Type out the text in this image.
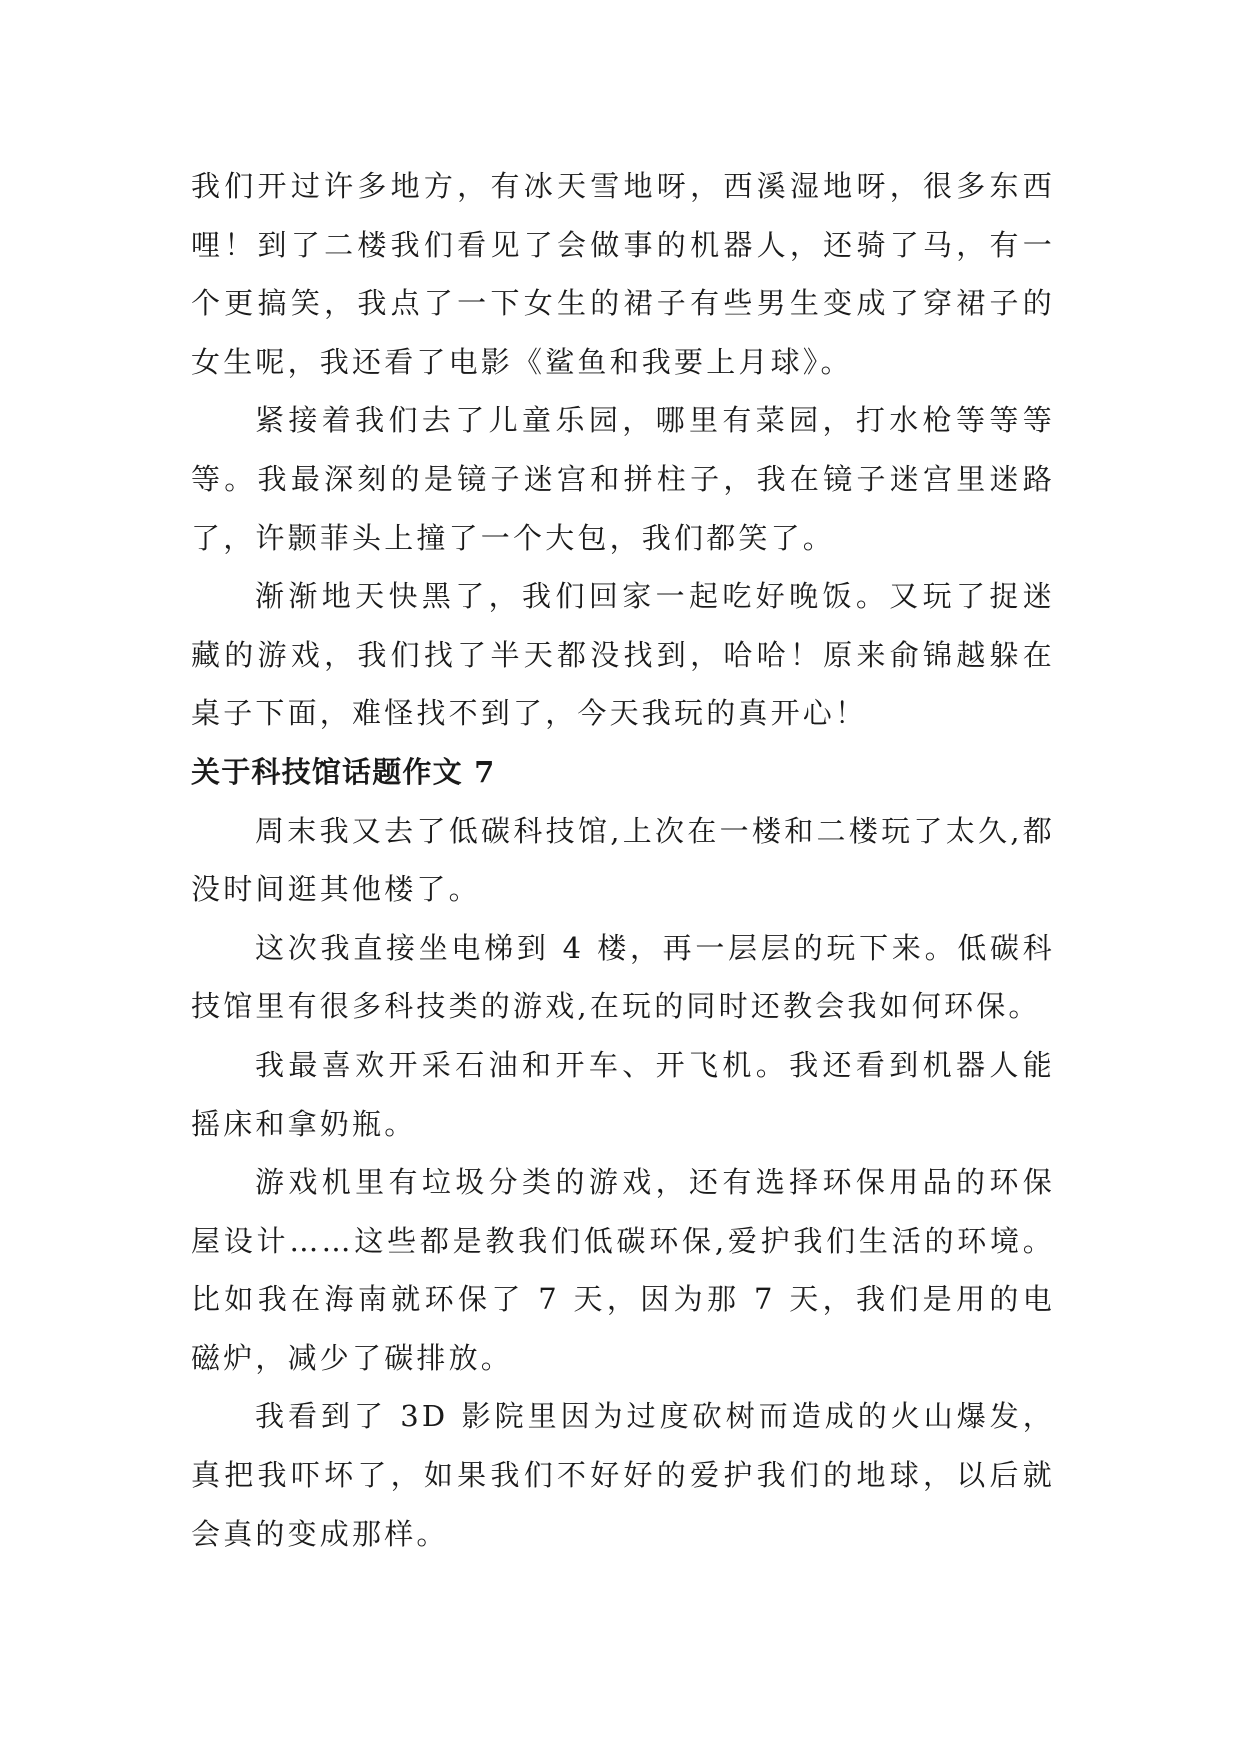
我们开过许多地方，有冰天雪地呀，西溪湿地呀，很多东西哩！到了二楼我们看见了会做事的机器人，还骑了马，有一个更搞笑，我点了一下女生的裙子有些男生变成了穿裙子的女生呢，我还看了电影《鲨鱼和我要上月球》。

紧接着我们去了儿童乐园，哪里有菜园，打水枪等等等等。我最深刻的是镜子迷宫和拼柱子，我在镜子迷宫里迷路了，许颢菲头上撞了一个大包，我们都笑了。

渐渐地天快黑了，我们回家一起吃好晚饭。又玩了捉迷藏的游戏，我们找了半天都没找到，哈哈！原来俞锦越躲在桌子下面，难怪找不到了，今天我玩的真开心！

关于科技馆话题作文 7

周末我又去了低碳科技馆,上次在一楼和二楼玩了太久,都没时间逛其他楼了。

这次我直接坐电梯到 4 楼，再一层层的玩下来。低碳科技馆里有很多科技类的游戏,在玩的同时还教会我如何环保。

我最喜欢开采石油和开车、开飞机。我还看到机器人能摇床和拿奶瓶。

游戏机里有垃圾分类的游戏，还有选择环保用品的环保屋设计……这些都是教我们低碳环保,爱护我们生活的环境。比如我在海南就环保了 7 天，因为那 7 天，我们是用的电磁炉，减少了碳排放。

我看到了 3D 影院里因为过度砍树而造成的火山爆发，真把我吓坏了，如果我们不好好的爱护我们的地球，以后就会真的变成那样。
